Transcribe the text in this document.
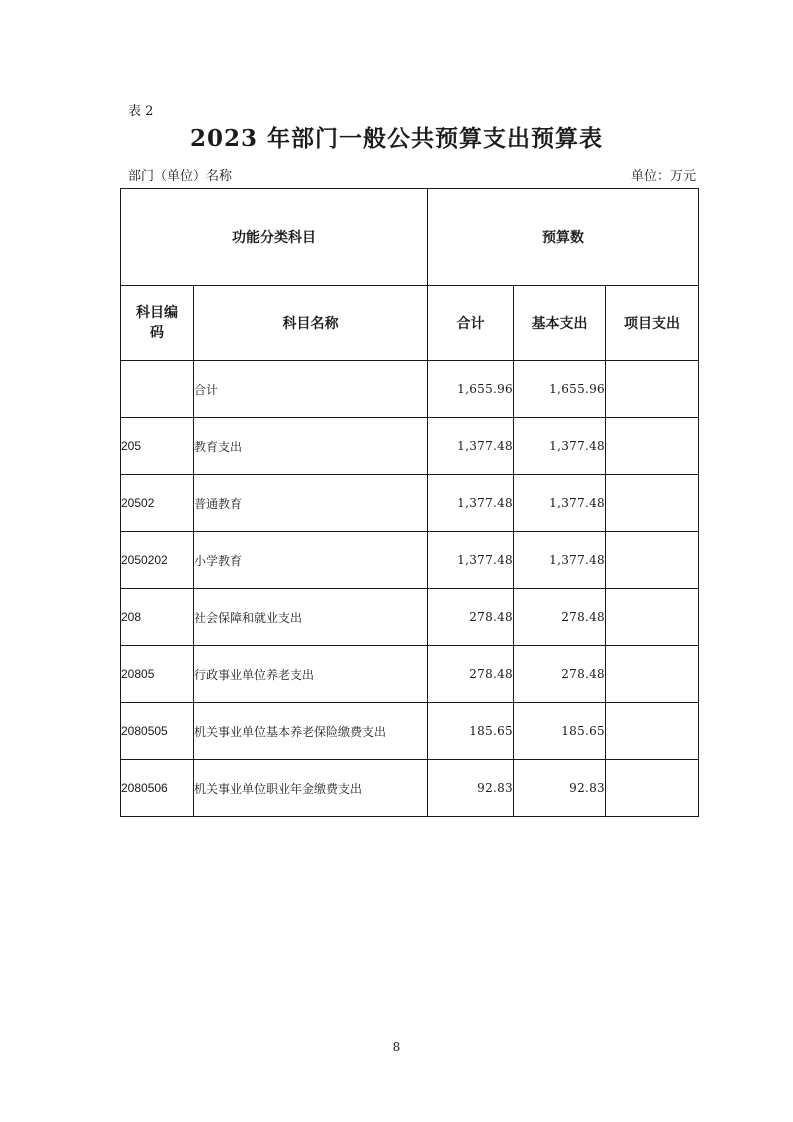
表 2
2023 年部门一般公共预算支出预算表
部门（单位）名称	单位：万元
功能分类科目		预算数		
科目编码	科目名称	合计	基本支出	项目支出
	合计	1,655.96	1,655.96	
205	教育支出	1,377.48	1,377.48	
20502	普通教育	1,377.48	1,377.48	
2050202	小学教育	1,377.48	1,377.48	
208	社会保障和就业支出	278.48	278.48	
20805	行政事业单位养老支出	278.48	278.48	
2080505	机关事业单位基本养老保险缴费支出	185.65	185.65	
2080506	机关事业单位职业年金缴费支出	92.83	92.83	
8
